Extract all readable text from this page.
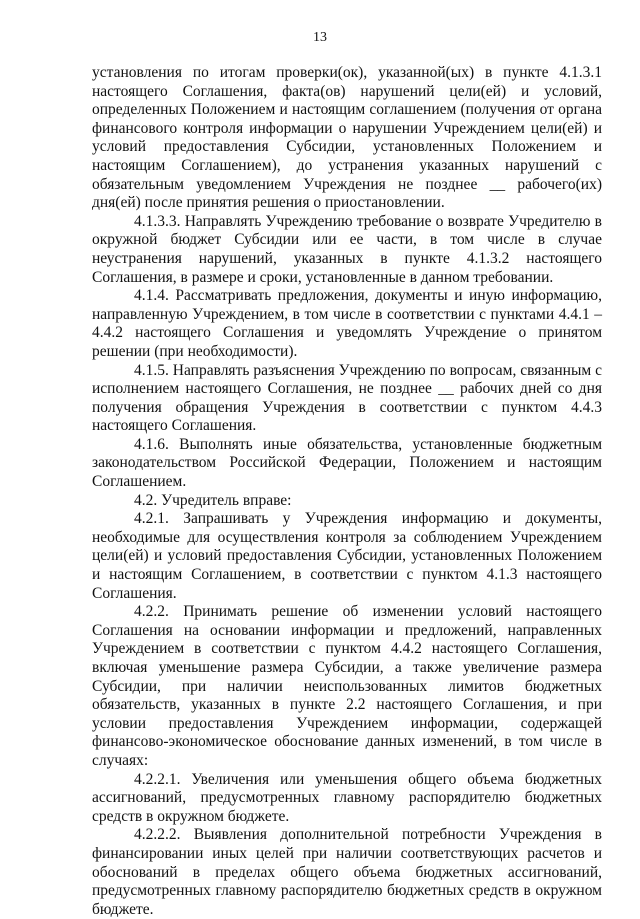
13

установления по итогам проверки(ок), указанной(ых) в пункте 4.1.3.1 настоящего Соглашения, факта(ов) нарушений цели(ей) и условий, определенных Положением и настоящим соглашением (получения от органа финансового контроля информации о нарушении Учреждением цели(ей) и условий предоставления Субсидии, установленных Положением и настоящим Соглашением), до устранения указанных нарушений с обязательным уведомлением Учреждения не позднее __ рабочего(их) дня(ей) после принятия решения о приостановлении.

4.1.3.3. Направлять Учреждению требование о возврате Учредителю в окружной бюджет Субсидии или ее части, в том числе в случае неустранения нарушений, указанных в пункте 4.1.3.2 настоящего Соглашения, в размере и сроки, установленные в данном требовании.

4.1.4. Рассматривать предложения, документы и иную информацию, направленную Учреждением, в том числе в соответствии с пунктами 4.4.1 – 4.4.2 настоящего Соглашения и уведомлять Учреждение о принятом решении (при необходимости).

4.1.5. Направлять разъяснения Учреждению по вопросам, связанным с исполнением настоящего Соглашения, не позднее __ рабочих дней со дня получения обращения Учреждения в соответствии с пунктом 4.4.3 настоящего Соглашения.

4.1.6. Выполнять иные обязательства, установленные бюджетным законодательством Российской Федерации, Положением и настоящим Соглашением.

4.2. Учредитель вправе:

4.2.1. Запрашивать у Учреждения информацию и документы, необходимые для осуществления контроля за соблюдением Учреждением цели(ей) и условий предоставления Субсидии, установленных Положением и настоящим Соглашением, в соответствии с пунктом 4.1.3 настоящего Соглашения.

4.2.2. Принимать решение об изменении условий настоящего Соглашения на основании информации и предложений, направленных Учреждением в соответствии с пунктом 4.4.2 настоящего Соглашения, включая уменьшение размера Субсидии, а также увеличение размера Субсидии, при наличии неиспользованных лимитов бюджетных обязательств, указанных в пункте 2.2 настоящего Соглашения, и при условии предоставления Учреждением информации, содержащей финансово-экономическое обоснование данных изменений, в том числе в случаях:

4.2.2.1. Увеличения или уменьшения общего объема бюджетных ассигнований, предусмотренных главному распорядителю бюджетных средств в окружном бюджете.

4.2.2.2. Выявления дополнительной потребности Учреждения в финансировании иных целей при наличии соответствующих расчетов и обоснований в пределах общего объема бюджетных ассигнований, предусмотренных главному распорядителю бюджетных средств в окружном бюджете.
